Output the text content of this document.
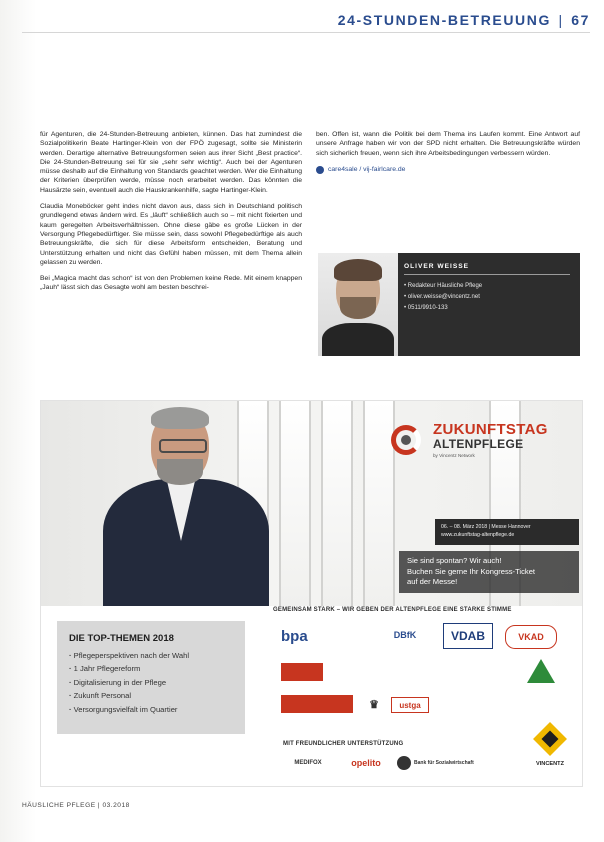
24-STUNDEN-BETREUUNG | 67

für Agenturen, die 24-Stunden-Betreuung anbieten, künnen. Das hat zumindest die Sozialpolitikerin Beate Hartinger-Klein von der FPÖ zugesagt, sollte sie Ministerin werden. Derartige alternative Betreuungsformen seien aus ihrer Sicht „Best practice“. Die 24-Stunden-Betreuung sei für sie „sehr sehr wichtig“. Auch bei der Agenturen müsse deshalb auf die Einhaltung von Standards geachtet werden. Wer die Einhaltung der Kriterien überprüfen werde, müsse noch erarbeitet werden. Das könnten die Hausärzte sein, eventuell auch die Hauskrankenhilfe, sagte Hartinger-Klein.

Claudia Moneböcker geht indes nicht davon aus, dass sich in Deutschland politisch grundlegend etwas ändern wird. Es „läuft“ schließlich auch so – mit nicht fixierten und kaum geregelten Arbeitsverhältnissen. Ohne diese gäbe es große Lücken in der Versorgung Pflegebedürftiger. Sie müsse sein, dass sowohl Pflegebedürftige als auch Betreuungskräfte, die sich für diese Arbeitsform entscheiden, Beratung und Unterstützung erhalten und nicht das Gefühl haben müssen, mit dem Thema allein gelassen zu werden.

Bei „Magica macht das schon“ ist von den Problemen keine Rede. Mit einem knappen „Jauh“ lässt sich das Gesagte wohl am besten beschrei-

ben. Offen ist, wann die Politik bei dem Thema ins Laufen kommt. Eine Antwort auf unsere Anfrage haben wir von der SPD nicht erhalten. Die Betreuungskräfte würden sich sicherlich freuen, wenn sich ihre Arbeitsbedingungen verbessern würden.

care4sale / vij-fairlcare.de
OLIVER WEISSE
• Redakteur Häusliche Pflege
• oliver.weisse@vincentz.net
• 0511/9910-133
ZUKUNFTSTAG
ALTENPFLEGE
by Vincentz Network
06. – 08. März 2018 | Messe Hannover
www.zukunftstag-altenpflege.de
Sie sind spontan? Wir auch!
Buchen Sie gerne Ihr Kongress-Ticket
auf der Messe!
DIE TOP-THEMEN 2018
· Pflegeperspektiven nach der Wahl
· 1 Jahr Pflegereform
· Digitalisierung in der Pflege
· Zukunft Personal
· Versorgungsvielfalt im Quartier
GEMEINSAM STARK – WIR GEBEN DER ALTENPFLEGE EINE STARKE STIMME
bpa	DBfK	VDAB	VKAD
♛	ustga
MIT FREUNDLICHER UNTERSTÜTZUNG
MEDIFOX	opelito	Bank für Sozialwirtschaft	VINCENTZ
HÄUSLICHE PFLEGE | 03.2018
